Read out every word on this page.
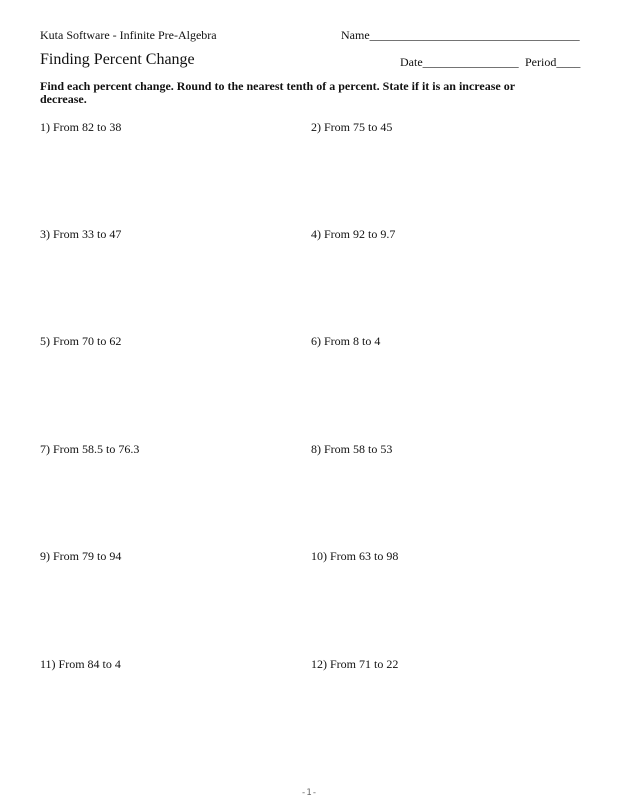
Kuta Software - Infinite Pre-Algebra	Name___________________________________
Finding Percent Change	Date________________ Period____
Find each percent change. Round to the nearest tenth of a percent. State if it is an increase or decrease.
1) From 82 to 38	2) From 75 to 45
3) From 33 to 47	4) From 92 to 9.7
5) From 70 to 62	6) From 8 to 4
7) From 58.5 to 76.3	8) From 58 to 53
9) From 79 to 94	10) From 63 to 98
11) From 84 to 4	12) From 71 to 22
-1-
